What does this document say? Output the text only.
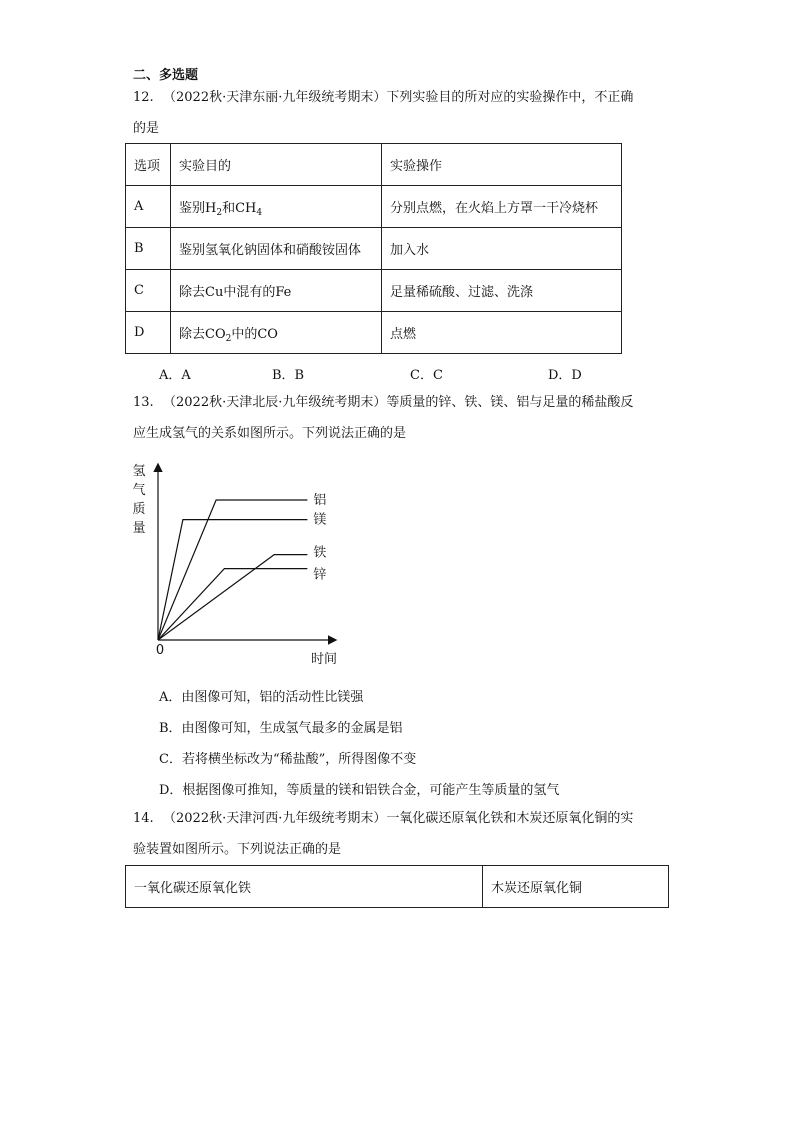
二、多选题
12. （2022秋·天津东丽·九年级统考期末）下列实验目的所对应的实验操作中，不正确
的是
选项	实验目的	实验操作
A	鉴别$H_2$和$CH_4$	分别点燃，在火焰上方罩一干冷烧杯
B	鉴别氢氧化钠固体和硝酸铵固体	加入水
C	除去Cu中混有的Fe	足量稀硫酸、过滤、洗涤
D	除去$CO_2$中的CO	点燃
A．A	B．B	C．C	D．D
13. （2022秋·天津北辰·九年级统考期末）等质量的锌、铁、镁、铝与足量的稀盐酸反
应生成氢气的关系如图所示。下列说法正确的是
氢
气
质
量
0
时间
铝
镁
铁
锌
A．由图像可知，铝的活动性比镁强
B．由图像可知，生成氢气最多的金属是铝
C．若将横坐标改为“稀盐酸”，所得图像不变
D．根据图像可推知，等质量的镁和铝铁合金，可能产生等质量的氢气
14. （2022秋·天津河西·九年级统考期末）一氧化碳还原氧化铁和木炭还原氧化铜的实
验装置如图所示。下列说法正确的是
一氧化碳还原氧化铁	木炭还原氧化铜
